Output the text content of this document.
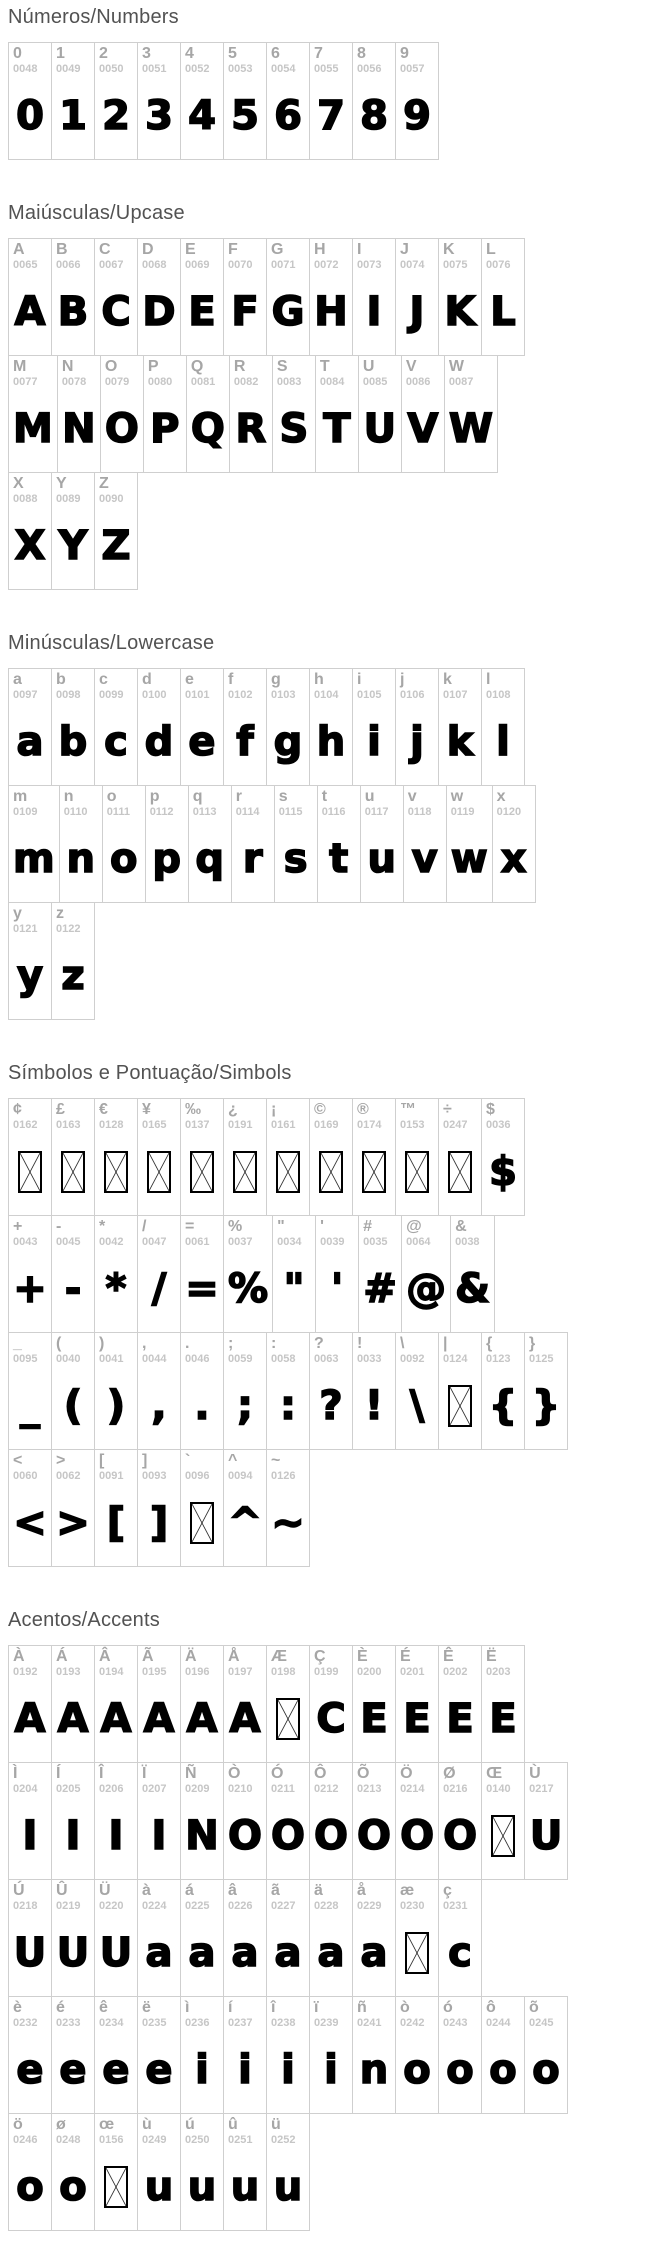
Números/Numbers
0
0048
0
1
0049
1
2
0050
2
3
0051
3
4
0052
4
5
0053
5
6
0054
6
7
0055
7
8
0056
8
9
0057
9
Maiúsculas/Upcase
A
0065
A
B
0066
B
C
0067
C
D
0068
D
E
0069
E
F
0070
F
G
0071
G
H
0072
H
I
0073
I
J
0074
J
K
0075
K
L
0076
L
M
0077
M
N
0078
N
O
0079
O
P
0080
P
Q
0081
Q
R
0082
R
S
0083
S
T
0084
T
U
0085
U
V
0086
V
W
0087
W
X
0088
X
Y
0089
Y
Z
0090
Z
Minúsculas/Lowercase
a
0097
a
b
0098
b
c
0099
c
d
0100
d
e
0101
e
f
0102
f
g
0103
g
h
0104
h
i
0105
i
j
0106
j
k
0107
k
l
0108
l
m
0109
m
n
0110
n
o
0111
o
p
0112
p
q
0113
q
r
0114
r
s
0115
s
t
0116
t
u
0117
u
v
0118
v
w
0119
w
x
0120
x
y
0121
y
z
0122
z
Símbolos e Pontuação/Simbols
¢
0162
£
0163
€
0128
¥
0165
‰
0137
¿
0191
¡
0161
©
0169
®
0174
™
0153
÷
0247
$
0036
$
+
0043
+
-
0045
-
*
0042
*
/
0047
/
=
0061
=
%
0037
%
"
0034
"
'
0039
'
#
0035
#
@
0064
@
&
0038
&
_
0095
_
(
0040
(
)
0041
)
,
0044
,
.
0046
.
;
0059
;
:
0058
:
?
0063
?
!
0033
!
\
0092
\
|
0124
{
0123
{
}
0125
}
<
0060
<
>
0062
>
[
0091
[
]
0093
]
`
0096
^
0094
^
~
0126
~
Acentos/Accents
À
0192
A
Á
0193
A
Â
0194
A
Ã
0195
A
Ä
0196
A
Å
0197
A
Æ
0198
Ç
0199
C
È
0200
E
É
0201
E
Ê
0202
E
Ë
0203
E
Ì
0204
I
Í
0205
I
Î
0206
I
Ï
0207
I
Ñ
0209
N
Ò
0210
O
Ó
0211
O
Ô
0212
O
Õ
0213
O
Ö
0214
O
Ø
0216
O
Œ
0140
Ù
0217
U
Ú
0218
U
Û
0219
U
Ü
0220
U
à
0224
a
á
0225
a
â
0226
a
ã
0227
a
ä
0228
a
å
0229
a
æ
0230
ç
0231
c
è
0232
e
é
0233
e
ê
0234
e
ë
0235
e
ì
0236
i
í
0237
i
î
0238
i
ï
0239
i
ñ
0241
n
ò
0242
o
ó
0243
o
ô
0244
o
õ
0245
o
ö
0246
o
ø
0248
o
œ
0156
ù
0249
u
ú
0250
u
û
0251
u
ü
0252
u
